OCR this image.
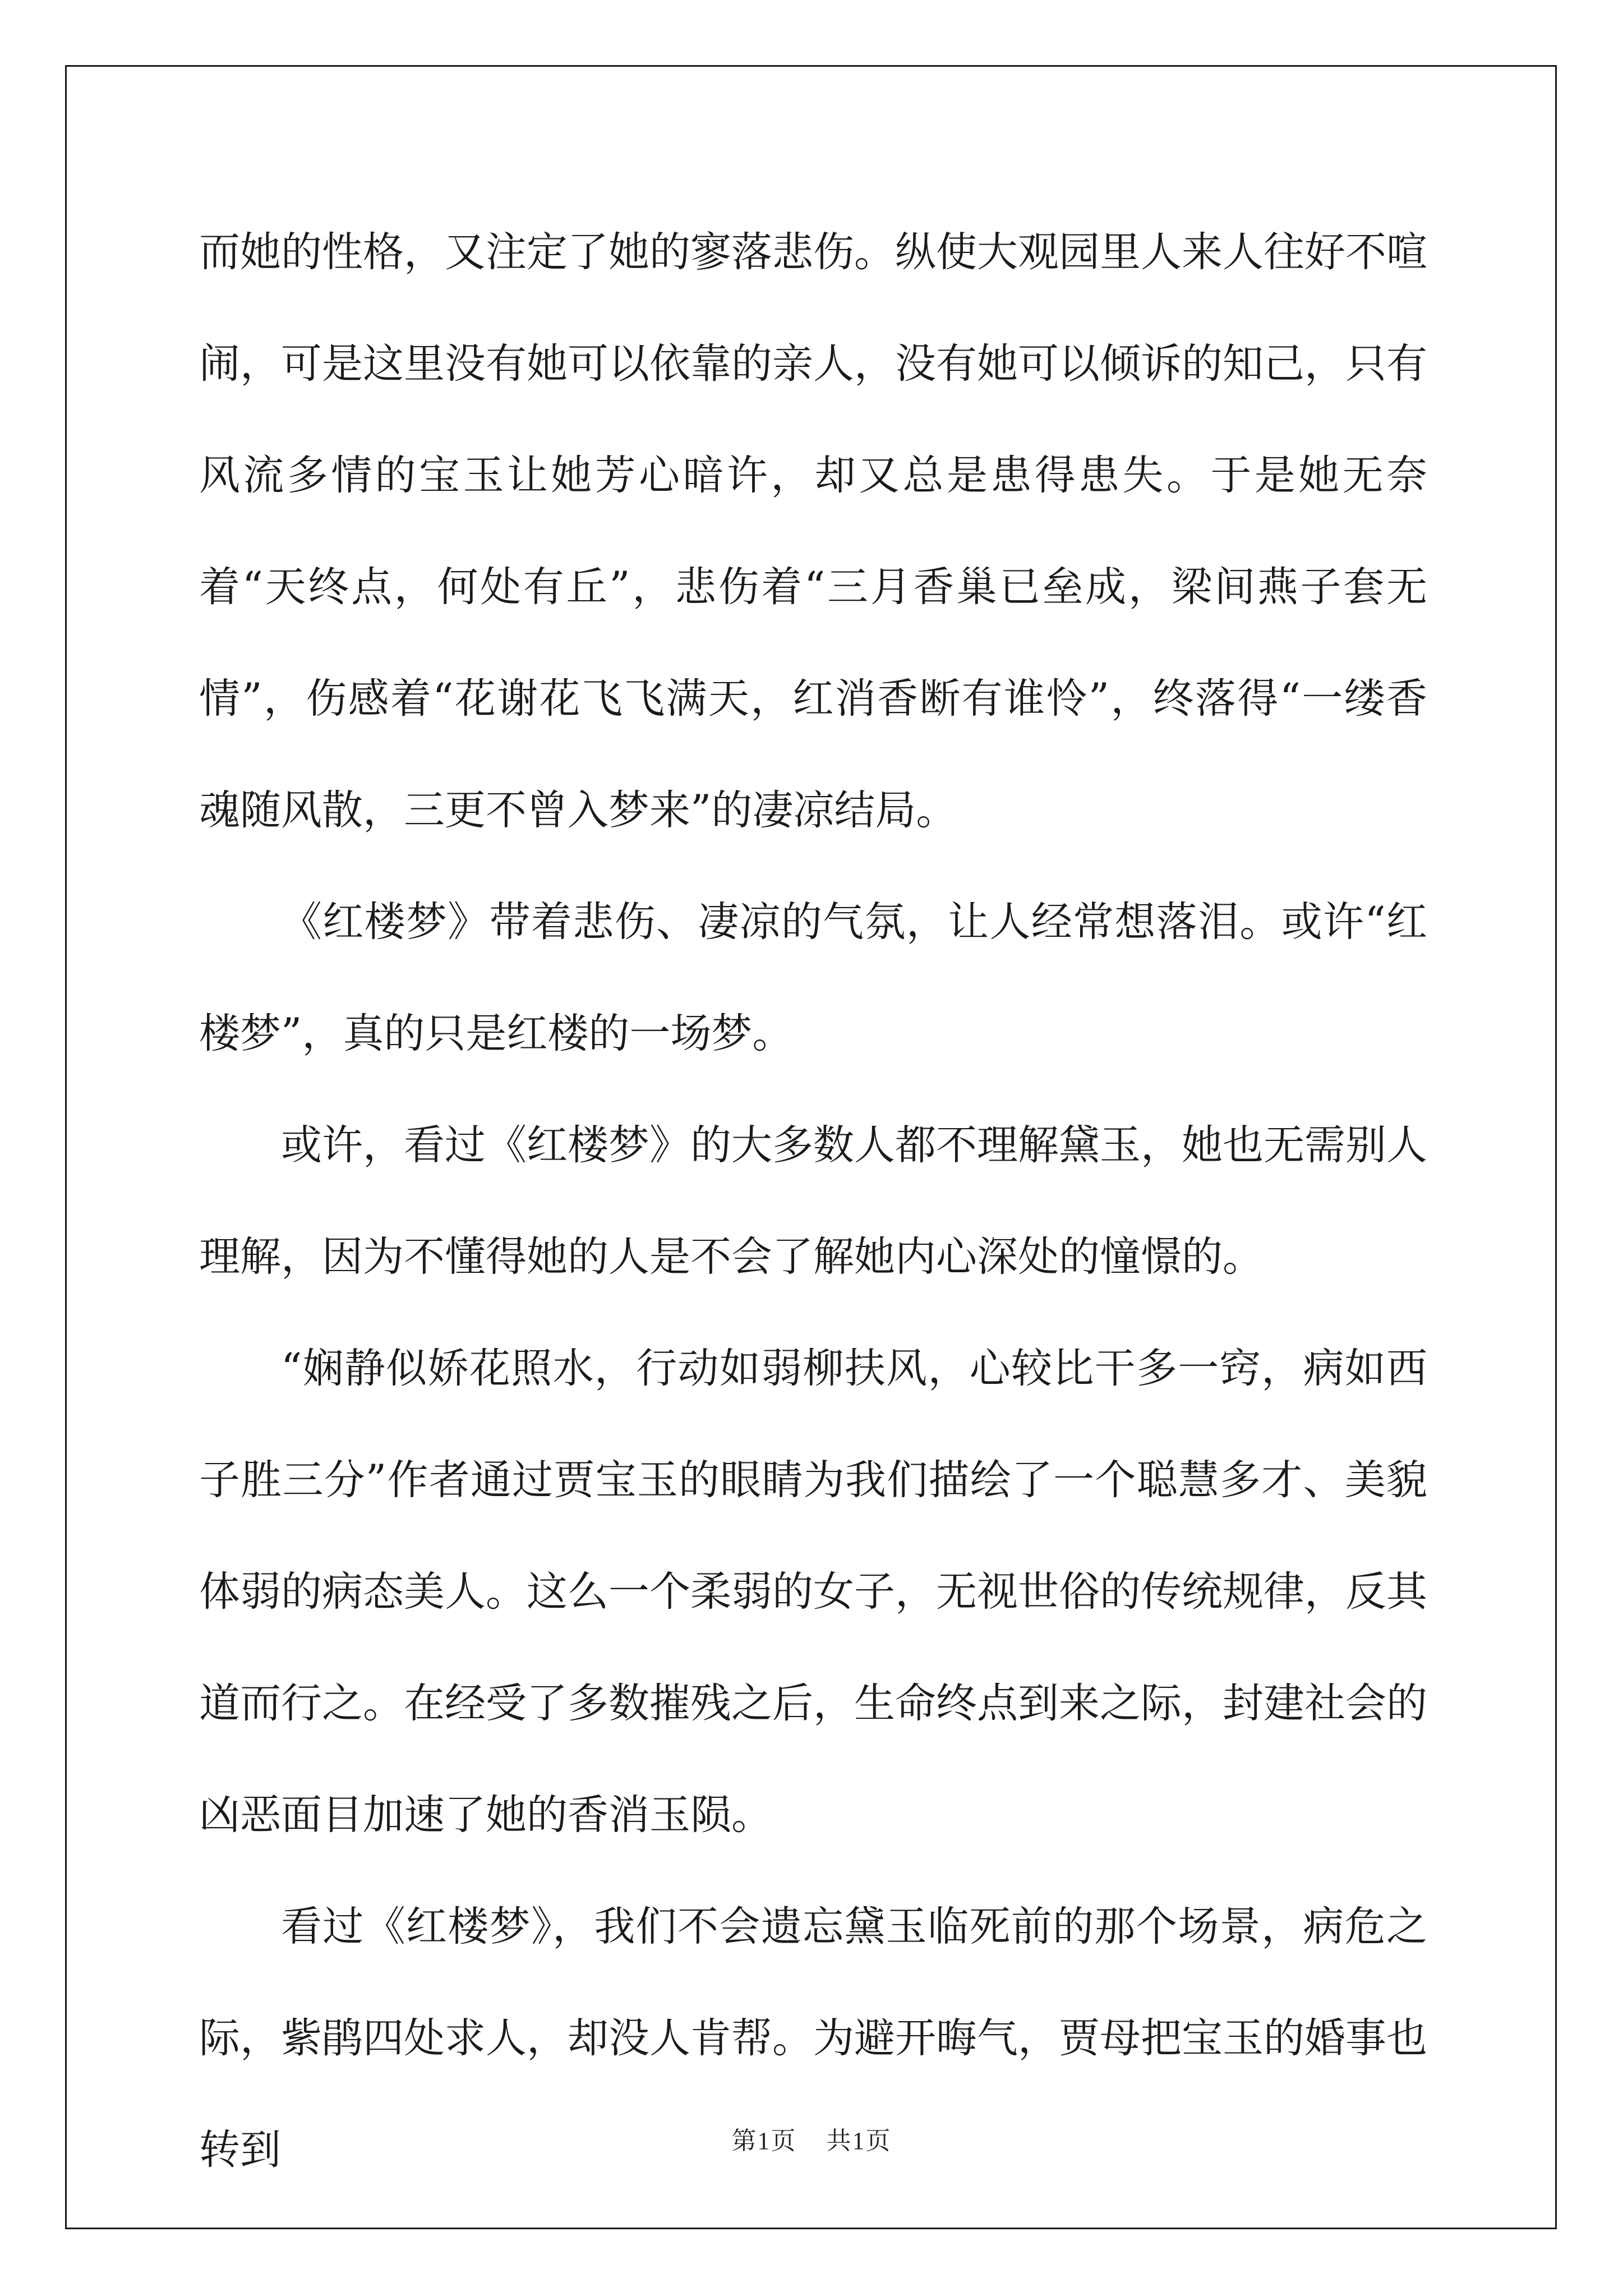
而她的性格，又注定了她的寥落悲伤。纵使大观园里人来人往好不喧闹，可是这里没有她可以依靠的亲人，没有她可以倾诉的知己，只有风流多情的宝玉让她芳心暗许，却又总是患得患失。于是她无奈着“天终点，何处有丘”，悲伤着“三月香巢已垒成，梁间燕子套无情”，伤感着“花谢花飞飞满天，红消香断有谁怜”，终落得“一缕香魂随风散，三更不曾入梦来”的凄凉结局。

《红楼梦》带着悲伤、凄凉的气氛，让人经常想落泪。或许“红楼梦”，真的只是红楼的一场梦。

或许，看过《红楼梦》的大多数人都不理解黛玉，她也无需别人理解，因为不懂得她的人是不会了解她内心深处的憧憬的。

“娴静似娇花照水，行动如弱柳扶风，心较比干多一窍，病如西子胜三分”作者通过贾宝玉的眼睛为我们描绘了一个聪慧多才、美貌体弱的病态美人。这么一个柔弱的女子，无视世俗的传统规律，反其道而行之。在经受了多数摧残之后，生命终点到来之际，封建社会的凶恶面目加速了她的香消玉陨。

看过《红楼梦》，我们不会遗忘黛玉临死前的那个场景，病危之际，紫鹃四处求人，却没人肯帮。为避开晦气，贾母把宝玉的婚事也转到	第1页 共1页
